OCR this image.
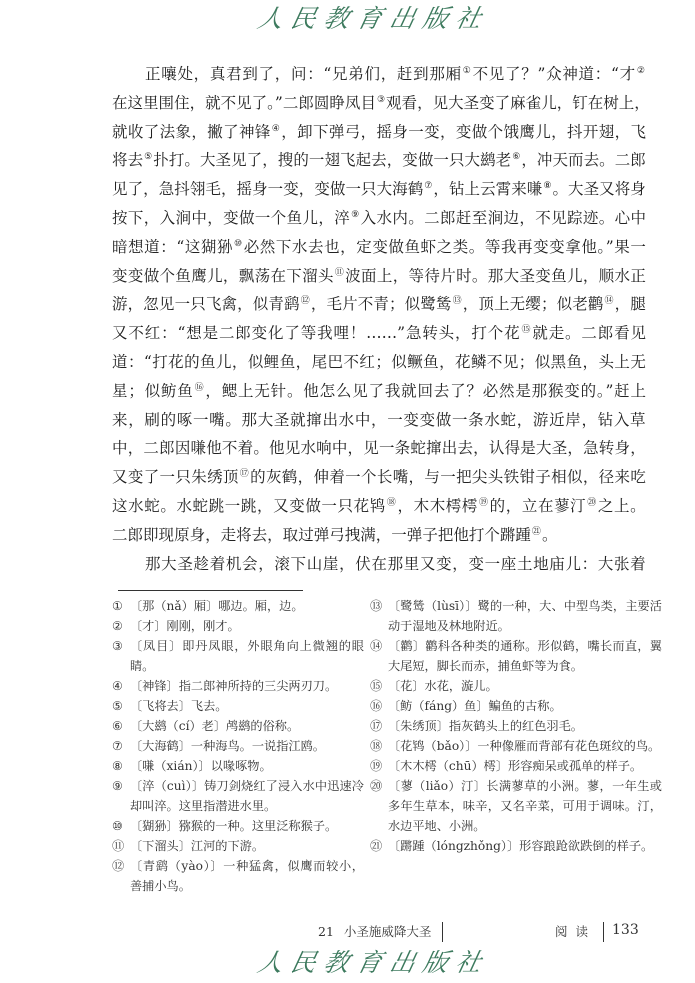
人民教育出版社
正嚷处，真君到了，问：“兄弟们，赶到那厢①不见了？”众神道：“才②
在这里围住，就不见了。”二郎圆睁凤目③观看，见大圣变了麻雀儿，钉在树上，
就收了法象，撇了神锋④，卸下弹弓，摇身一变，变做个饿鹰儿，抖开翅，飞
将去⑤扑打。大圣见了，搜的一翅飞起去，变做一只大鹚老⑥，冲天而去。二郎
见了，急抖翎毛，摇身一变，变做一只大海鹤⑦，钻上云霄来嗛⑧。大圣又将身
按下，入涧中，变做一个鱼儿，淬⑨入水内。二郎赶至涧边，不见踪迹。心中
暗想道：“这猢狲⑩必然下水去也，定变做鱼虾之类。等我再变变拿他。”果一
变变做个鱼鹰儿，飘荡在下溜头⑪波面上，等待片时。那大圣变鱼儿，顺水正
游，忽见一只飞禽，似青鹞⑫，毛片不青；似鹭鸶⑬，顶上无缨；似老鹳⑭，腿
又不红：“想是二郎变化了等我哩！……”急转头，打个花⑮就走。二郎看见
道：“打花的鱼儿，似鲤鱼，尾巴不红；似鳜鱼，花鳞不见；似黑鱼，头上无
星；似鲂鱼⑯，鳃上无针。他怎么见了我就回去了？必然是那猴变的。”赶上
来，刷的啄一嘴。那大圣就撺出水中，一变变做一条水蛇，游近岸，钻入草
中，二郎因嗛他不着。他见水响中，见一条蛇撺出去，认得是大圣，急转身，
又变了一只朱绣顶⑰的灰鹤，伸着一个长嘴，与一把尖头铁钳子相似，径来吃
这水蛇。水蛇跳一跳，又变做一只花鸨⑱，木木樗樗⑲的，立在蓼汀⑳之上。
二郎即现原身，走将去，取过弹弓拽满，一弹子把他打个蹡踵$^㉑$。
那大圣趁着机会，滚下山崖，伏在那里又变，变一座土地庙儿：大张着
① 〔那（nǎ）厢〕哪边。厢，边。
② 〔才〕刚刚，刚才。
③ 〔凤目〕即丹凤眼，外眼角向上微翘的眼睛。
④ 〔神锋〕指二郎神所持的三尖两刃刀。
⑤ 〔飞将去〕飞去。
⑥ 〔大鹚（cí）老〕鸬鹚的俗称。
⑦ 〔大海鹤〕一种海鸟。一说指江鸥。
⑧ 〔嗛（xián）〕以喙啄物。
⑨ 〔淬（cuì）〕铸刀剑烧红了浸入水中迅速冷却叫淬。这里指潜进水里。
⑩ 〔猢狲〕猕猴的一种。这里泛称猴子。
⑪ 〔下溜头〕江河的下游。
⑫ 〔青鹞（yào）〕一种猛禽，似鹰而较小，善捕小鸟。
⑬ 〔鹭鸶（lùsī）〕鹭的一种，大、中型鸟类，主要活动于湿地及林地附近。
⑭ 〔鹳〕鹳科各种类的通称。形似鹤，嘴长而直，翼大尾短，脚长而赤，捕鱼虾等为食。
⑮ 〔花〕水花，漩儿。
⑯ 〔鲂（fáng）鱼〕鳊鱼的古称。
⑰ 〔朱绣顶〕指灰鹤头上的红色羽毛。
⑱ 〔花鸨（bǎo）〕一种像雁而背部有花色斑纹的鸟。
⑲ 〔木木樗（chū）樗〕形容痴呆或孤单的样子。
⑳ 〔蓼（liǎo）汀〕长满蓼草的小洲。蓼，一年生或多年生草本，味辛，又名辛菜，可用于调味。汀，水边平地、小洲。
㉑ 〔蹡踵（lóngzhǒng）〕形容踉跄欲跌倒的样子。
21 小圣施威降大圣	阅读 133
人民教育出版社
